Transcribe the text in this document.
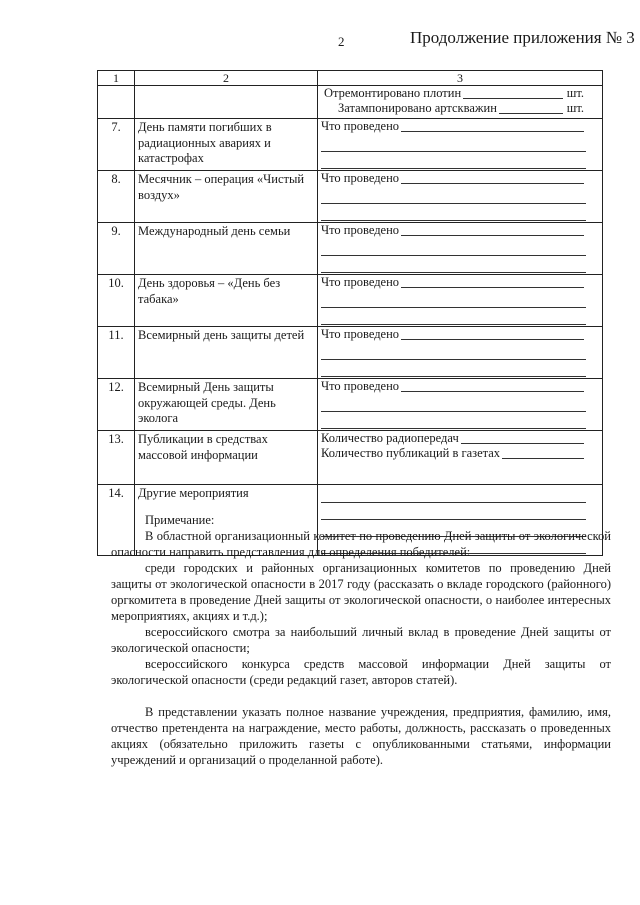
2	Продолжение приложения № 3
1	2	3

		Отремонтировано плотин шт.
Затампонировано артскважин шт.

7.	День памяти погибших в радиационных авариях и катастрофах	Что проведено

8.	Месячник – операция «Чистый воздух»	Что проведено

9.	Международный день семьи	Что проведено

10.	День здоровья – «День без табака»	Что проведено

11.	Всемирный день защиты детей	Что проведено

12.	Всемирный День защиты окружающей среды. День эколога	Что проведено

13.	Публикации в средствах массовой информации	Количество радиопередач
Количество публикаций в газетах

14.	Другие мероприятия	

Примечание:

В областной организационный комитет по проведению Дней защиты от экологической опасности направить представления для определения победителей:

среди городских и районных организационных комитетов по проведению Дней защиты от экологической опасности в 2017 году (рассказать о вкладе городского (районного) оргкомитета в проведение Дней защиты от экологической опасности, о наиболее интересных мероприятиях, акциях и т.д.);

всероссийского смотра за наибольший личный вклад в проведение Дней защиты от экологической опасности;

всероссийского конкурса средств массовой информации Дней защиты от экологической опасности (среди редакций газет, авторов статей).

В представлении указать полное название учреждения, предприятия, фамилию, имя, отчество претендента на награждение, место работы, должность, рассказать о проведенных акциях (обязательно приложить газеты с опубликованными статьями, информации учреждений и организаций о проделанной работе).
